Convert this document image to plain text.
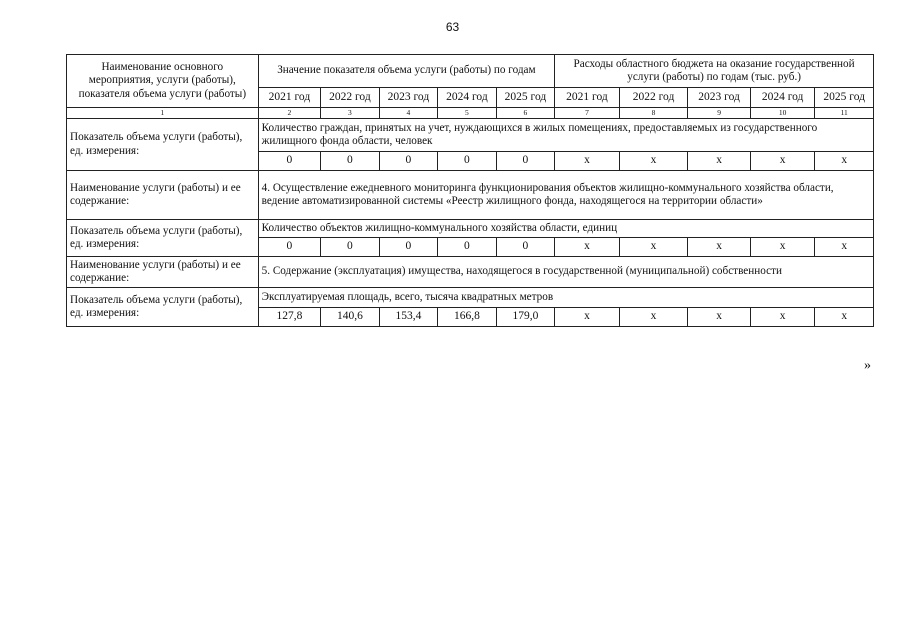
63
Наименование основного мероприятия, услуги (работы), показателя объема услуги (работы)	Значение показателя объема услуги (работы) по годам					Расходы областного бюджета на оказание государственной услуги (работы) по годам (тыс. руб.)				
	2021 год	2022 год	2023 год	2024 год	2025 год	2021 год	2022 год	2023 год	2024 год	2025 год
1	2	3	4	5	6	7	8	9	10	11
Показатель объема услуги (работы), ед. измерения:	Количество граждан, принятых на учет, нуждающихся в жилых помещениях, предоставляемых из государственного жилищного фонда области, человек									
	0	0	0	0	0	x	x	x	x	x
Наименование услуги (работы) и ее содержание:	4. Осуществление ежедневного мониторинга функционирования объектов жилищно-коммунального хозяйства области, ведение автоматизированной системы «Реестр жилищного фонда, находящегося на территории области»									
Показатель объема услуги (работы), ед. измерения:	Количество объектов жилищно-коммунального хозяйства области, единиц									
	0	0	0	0	0	x	x	x	x	x
Наименование услуги (работы) и ее содержание:	5. Содержание (эксплуатация) имущества, находящегося в государственной (муниципальной) собственности									
Показатель объема услуги (работы), ед. измерения:	Эксплуатируемая площадь, всего, тысяча квадратных метров									
	127,8	140,6	153,4	166,8	179,0	x	x	x	x	x
»
